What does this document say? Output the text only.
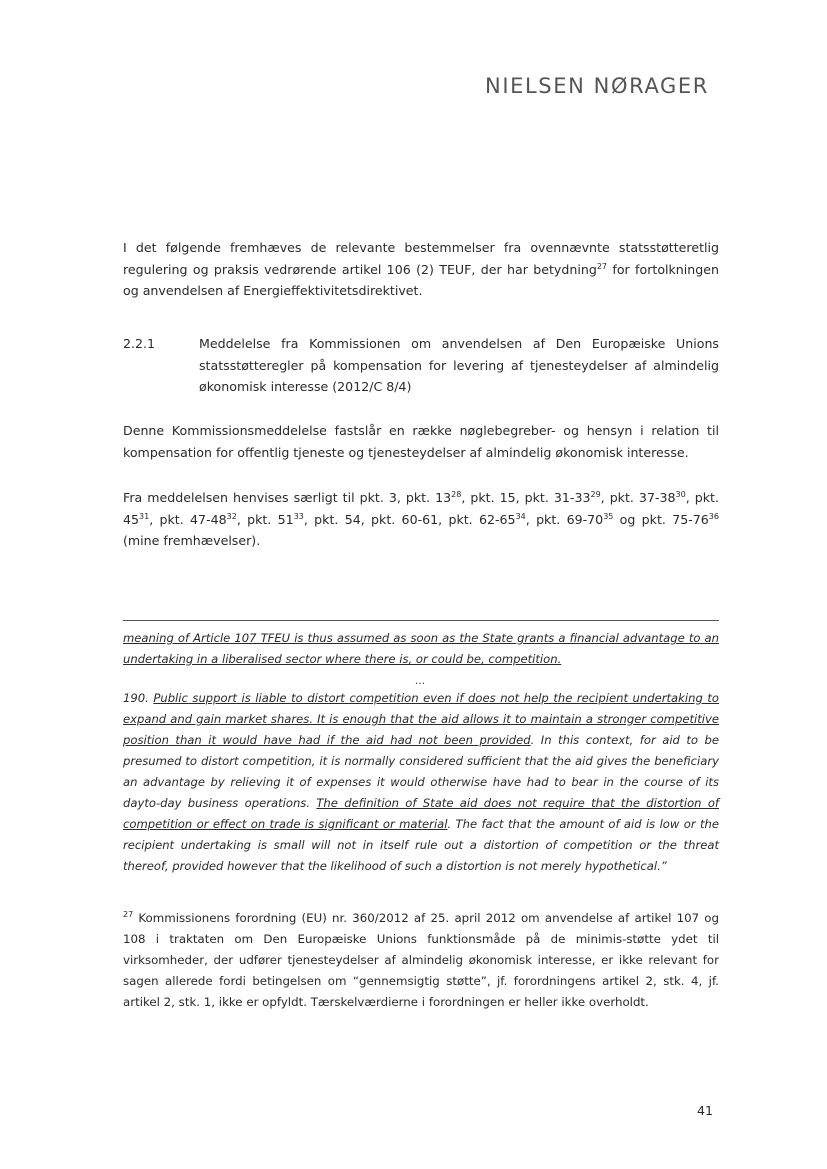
NIELSEN NØRAGER
I det følgende fremhæves de relevante bestemmelser fra ovennævnte statsstøtteretlig regulering og praksis vedrørende artikel 106 (2) TEUF, der har betydning$^{27}$ for fortolkningen og anvendelsen af Energieffektivitetsdirektivet.
2.2.1	Meddelelse fra Kommissionen om anvendelsen af Den Europæiske Unions statsstøtteregler på kompensation for levering af tjenesteydelser af almindelig økonomisk interesse (2012/C 8/4)
Denne Kommissionsmeddelelse fastslår en række nøglebegreber- og hensyn i relation til kompensation for offentlig tjeneste og tjenesteydelser af almindelig økonomisk interesse.
Fra meddelelsen henvises særligt til pkt. 3, pkt. $13^{28}$, pkt. 15, pkt. $31-33^{29}$, pkt. $37-38^{30}$, pkt. $45^{31}$, pkt. $47-48^{32}$, pkt. $51^{33}$, pkt. 54, pkt. 60-61, pkt. $62-65^{34}$, pkt. $69-70^{35}$ og pkt. $75-76^{36}$ (mine fremhævelser).
meaning of Article 107 TFEU is thus assumed as soon as the State grants a financial advantage to an undertaking in a liberalised sector where there is, or could be, competition.
...
190. Public support is liable to distort competition even if does not help the recipient undertaking to expand and gain market shares. It is enough that the aid allows it to maintain a stronger competitive position than it would have had if the aid had not been provided. In this context, for aid to be presumed to distort competition, it is normally considered sufficient that the aid gives the beneficiary an advantage by relieving it of expenses it would otherwise have had to bear in the course of its dayto-day business operations. The definition of State aid does not require that the distortion of competition or effect on trade is significant or material. The fact that the amount of aid is low or the recipient undertaking is small will not in itself rule out a distortion of competition or the threat thereof, provided however that the likelihood of such a distortion is not merely hypothetical.”
$^{27}$ Kommissionens forordning (EU) nr. 360/2012 af 25. april 2012 om anvendelse af artikel 107 og 108 i traktaten om Den Europæiske Unions funktionsmåde på de minimis-støtte ydet til virksomheder, der udfører tjenesteydelser af almindelig økonomisk interesse, er ikke relevant for sagen allerede fordi betingelsen om “gennemsigtig støtte”, jf. forordningens artikel 2, stk. 4, jf. artikel 2, stk. 1, ikke er opfyldt. Tærskelværdierne i forordningen er heller ikke overholdt.
41
